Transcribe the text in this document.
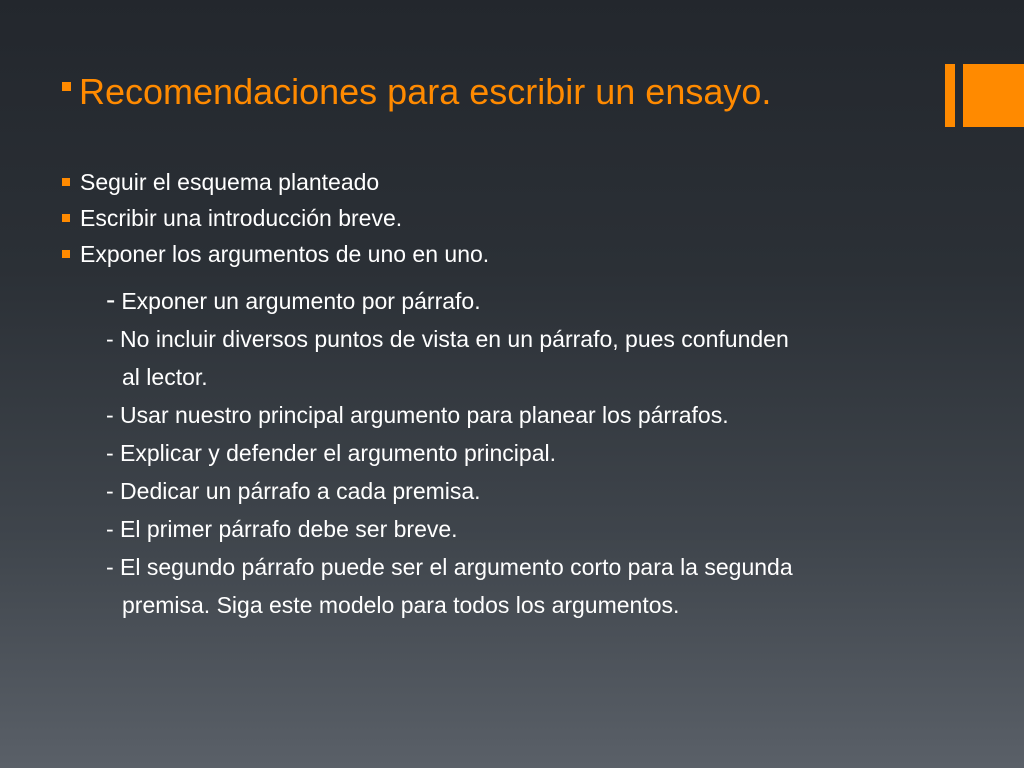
Recomendaciones para escribir un ensayo.
Seguir el esquema planteado
Escribir una introducción breve.
Exponer los argumentos de uno en uno.
- Exponer un argumento por párrafo.
- No incluir diversos puntos de vista en un párrafo, pues confunden
al lector.
- Usar nuestro principal argumento para planear los párrafos.
- Explicar y defender el argumento principal.
- Dedicar un párrafo a cada premisa.
- El primer párrafo debe ser breve.
- El segundo párrafo puede ser el argumento corto para la segunda
premisa. Siga este modelo para todos los argumentos.
